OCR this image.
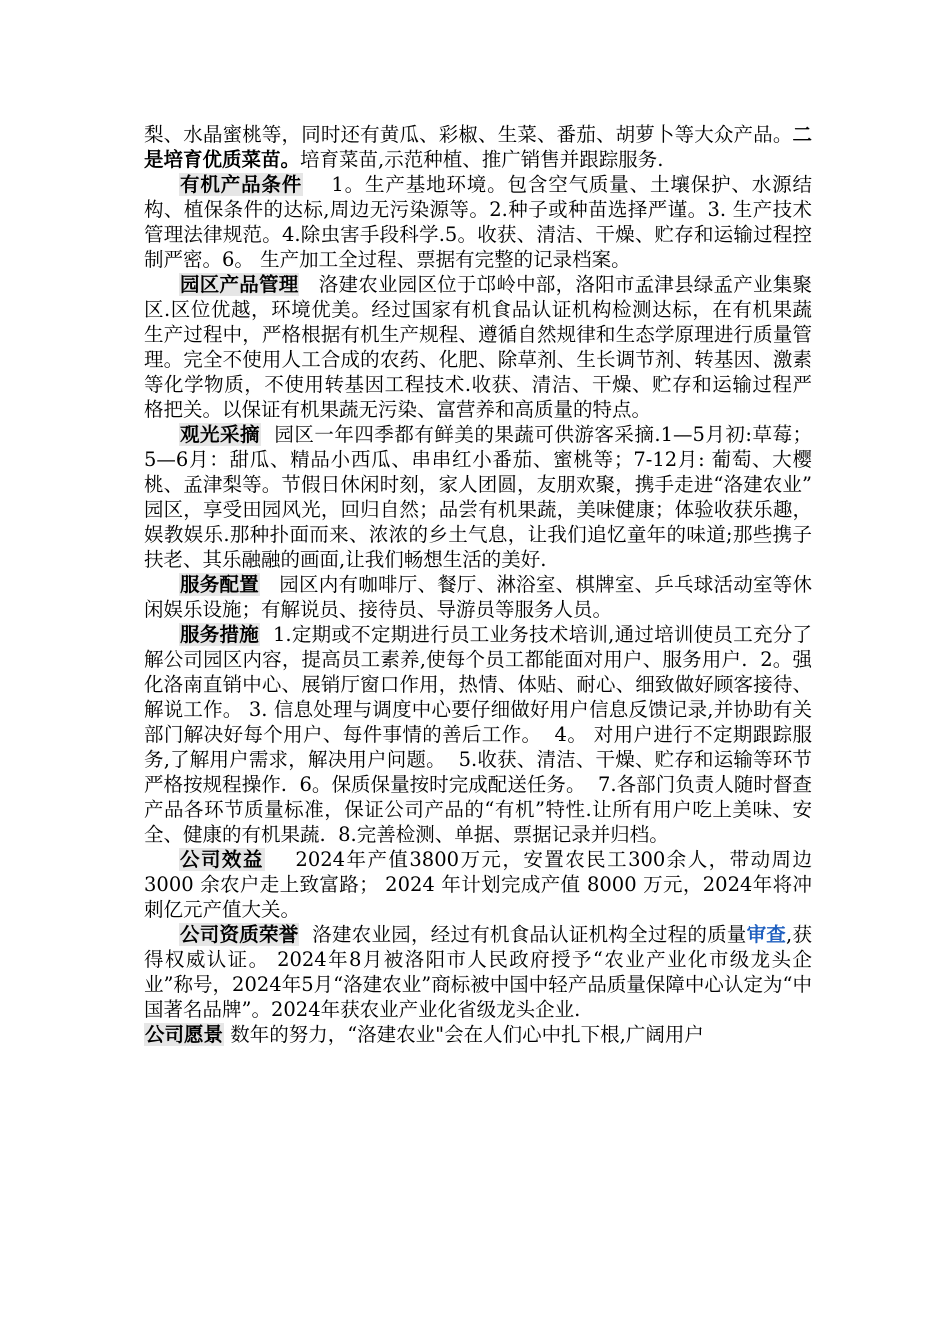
梨、水晶蜜桃等，同时还有黄瓜、彩椒、生菜、番茄、胡萝卜等大众产品。二是培育优质菜苗。培育菜苗,示范种植、推广销售并跟踪服务.

有机产品条件    1。生产基地环境。包含空气质量、土壤保护、水源结构、植保条件的达标,周边无污染源等。2.种子或种苗选择严谨。3. 生产技术管理法律规范。4.除虫害手段科学.5。收获、清洁、干燥、贮存和运输过程控制严密。6。 生产加工全过程、票据有完整的记录档案。

园区产品管理   洛建农业园区位于邙岭中部，洛阳市孟津县绿孟产业集聚区.区位优越，环境优美。经过国家有机食品认证机构检测达标，在有机果蔬生产过程中，严格根据有机生产规程、遵循自然规律和生态学原理进行质量管理。完全不使用人工合成的农药、化肥、除草剂、生长调节剂、转基因、激素等化学物质，不使用转基因工程技术.收获、清洁、干燥、贮存和运输过程严格把关。以保证有机果蔬无污染、富营养和高质量的特点。

观光采摘  园区一年四季都有鲜美的果蔬可供游客采摘.1—5月初:草莓；  5—6月：甜瓜、精品小西瓜、串串红小番茄、蜜桃等；7-12月: 葡萄、大樱桃、孟津梨等。节假日休闲时刻，家人团圆，友朋欢聚，携手走进“洛建农业” 园区，享受田园风光，回归自然；品尝有机果蔬，美味健康；体验收获乐趣，娱教娱乐.那种扑面而来、浓浓的乡土气息，让我们追忆童年的味道;那些携子扶老、其乐融融的画面,让我们畅想生活的美好.

服务配置   园区内有咖啡厅、餐厅、淋浴室、棋牌室、乒乓球活动室等休闲娱乐设施；有解说员、接待员、导游员等服务人员。

服务措施  1.定期或不定期进行员工业务技术培训,通过培训使员工充分了解公司园区内容，提高员工素养,使每个员工都能面对用户、服务用户.  2。强化洛南直销中心、展销厅窗口作用，热情、体贴、耐心、细致做好顾客接待、解说工作。 3. 信息处理与调度中心要仔细做好用户信息反馈记录,并协助有关部门解决好每个用户、每件事情的善后工作。  4。 对用户进行不定期跟踪服务,了解用户需求，解决用户问题。  5.收获、清洁、干燥、贮存和运输等环节严格按规程操作.  6。保质保量按时完成配送任务。  7.各部门负责人随时督查产品各环节质量标准，保证公司产品的“有机”特性.让所有用户吃上美味、安全、健康的有机果蔬.  8.完善检测、单据、票据记录并归档。

公司效益    2024年产值3800万元，安置农民工300余人，带动周边 3000 余农户走上致富路； 2024 年计划完成产值 8000 万元，2024年将冲刺亿元产值大关。

公司资质荣誉  洛建农业园，经过有机食品认证机构全过程的质量审查,获得权威认证。 2024年8月被洛阳市人民政府授予“农业产业化市级龙头企业”称号，2024年5月“洛建农业”商标被中国中轻产品质量保障中心认定为“中国著名品牌”。2024年获农业产业化省级龙头企业.

公司愿景 数年的努力，“洛建农业"会在人们心中扎下根,广阔用户
